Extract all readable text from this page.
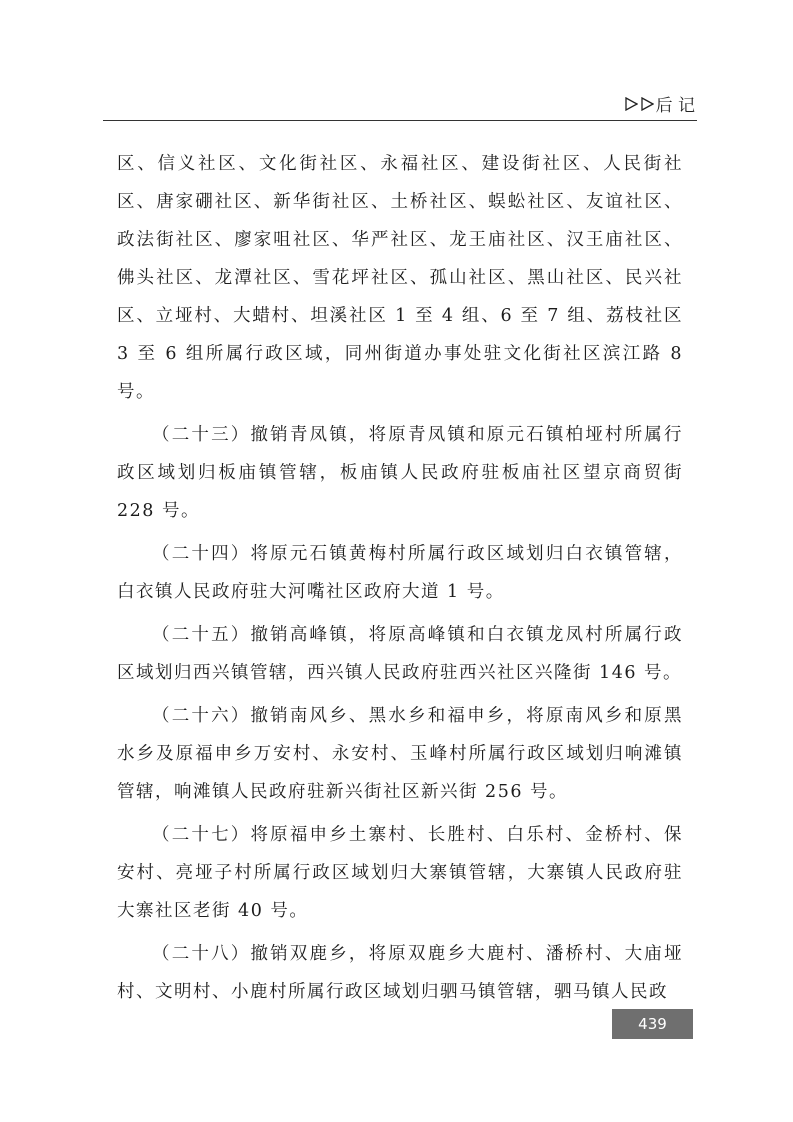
后 记

区、信义社区、文化街社区、永福社区、建设街社区、人民街社区、唐家硼社区、新华街社区、土桥社区、蜈蚣社区、友谊社区、政法街社区、廖家咀社区、华严社区、龙王庙社区、汉王庙社区、佛头社区、龙潭社区、雪花坪社区、孤山社区、黑山社区、民兴社区、立垭村、大蜡村、坦溪社区 1 至 4 组、6 至 7 组、荔枝社区 3 至 6 组所属行政区域，同州街道办事处驻文化街社区滨江路 8 号。

（二十三）撤销青凤镇，将原青凤镇和原元石镇柏垭村所属行政区域划归板庙镇管辖，板庙镇人民政府驻板庙社区望京商贸街 228 号。

（二十四）将原元石镇黄梅村所属行政区域划归白衣镇管辖，白衣镇人民政府驻大河嘴社区政府大道 1 号。

（二十五）撤销高峰镇，将原高峰镇和白衣镇龙凤村所属行政区域划归西兴镇管辖，西兴镇人民政府驻西兴社区兴隆街 146 号。

（二十六）撤销南风乡、黑水乡和福申乡，将原南风乡和原黑水乡及原福申乡万安村、永安村、玉峰村所属行政区域划归响滩镇管辖，响滩镇人民政府驻新兴街社区新兴街 256 号。

（二十七）将原福申乡土寨村、长胜村、白乐村、金桥村、保安村、亮垭子村所属行政区域划归大寨镇管辖，大寨镇人民政府驻大寨社区老街 40 号。

（二十八）撤销双鹿乡，将原双鹿乡大鹿村、潘桥村、大庙垭村、文明村、小鹿村所属行政区域划归驷马镇管辖，驷马镇人民政

439
